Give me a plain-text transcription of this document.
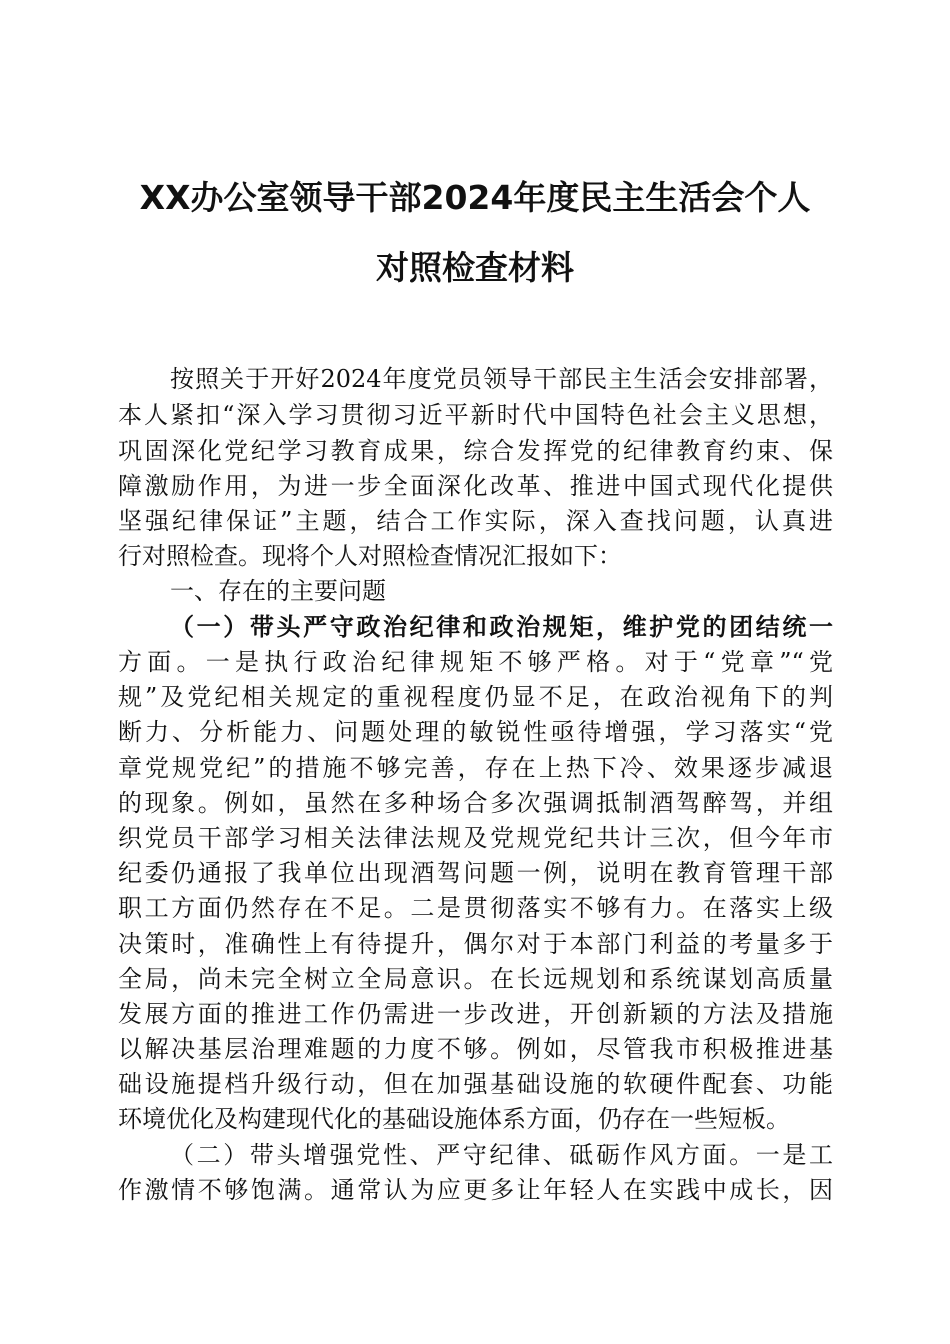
XX办公室领导干部2024年度民主生活会个人
对照检查材料

按照关于开好2024年度党员领导干部民主生活会安排部署，

本人紧扣“深入学习贯彻习近平新时代中国特色社会主义思想，

巩固深化党纪学习教育成果，综合发挥党的纪律教育约束、保

障激励作用，为进一步全面深化改革、推进中国式现代化提供

坚强纪律保证”主题，结合工作实际，深入查找问题，认真进

行对照检查。现将个人对照检查情况汇报如下：

一、存在的主要问题

（一）带头严守政治纪律和政治规矩，维护党的团结统一

方面。一是执行政治纪律规矩不够严格。对于“党章”“党

规”及党纪相关规定的重视程度仍显不足，在政治视角下的判

断力、分析能力、问题处理的敏锐性亟待增强，学习落实“党

章党规党纪”的措施不够完善，存在上热下冷、效果逐步减退

的现象。例如，虽然在多种场合多次强调抵制酒驾醉驾，并组

织党员干部学习相关法律法规及党规党纪共计三次，但今年市

纪委仍通报了我单位出现酒驾问题一例，说明在教育管理干部

职工方面仍然存在不足。二是贯彻落实不够有力。在落实上级

决策时，准确性上有待提升，偶尔对于本部门利益的考量多于

全局，尚未完全树立全局意识。在长远规划和系统谋划高质量

发展方面的推进工作仍需进一步改进，开创新颖的方法及措施

以解决基层治理难题的力度不够。例如，尽管我市积极推进基

础设施提档升级行动，但在加强基础设施的软硬件配套、功能

环境优化及构建现代化的基础设施体系方面，仍存在一些短板。

（二）带头增强党性、严守纪律、砥砺作风方面。一是工

作激情不够饱满。通常认为应更多让年轻人在实践中成长，因
